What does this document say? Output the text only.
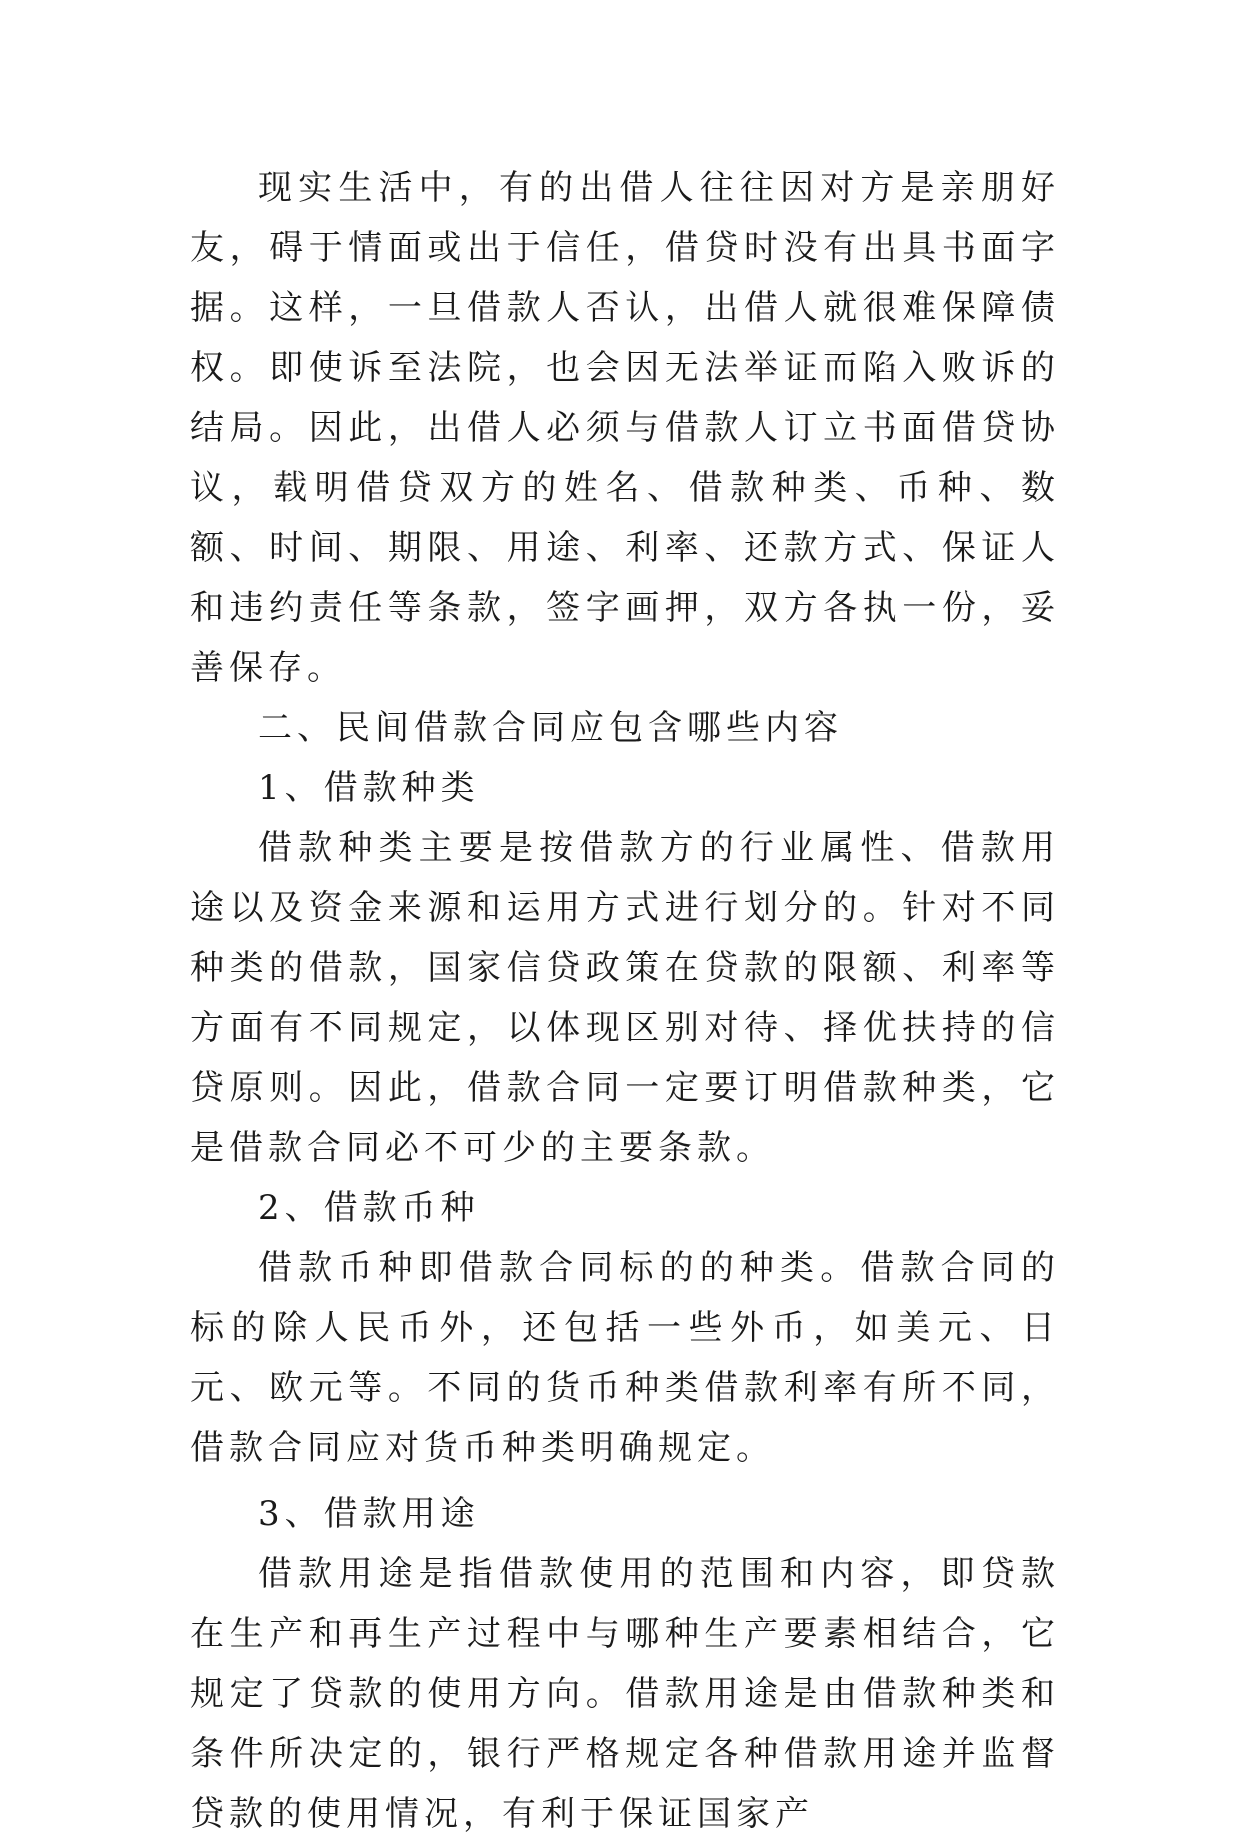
现实生活中，有的出借人往往因对方是亲朋好友，碍于情面或出于信任，借贷时没有出具书面字据。这样，一旦借款人否认，出借人就很难保障债权。即使诉至法院，也会因无法举证而陷入败诉的结局。因此，出借人必须与借款人订立书面借贷协议，载明借贷双方的姓名、借款种类、币种、数额、时间、期限、用途、利率、还款方式、保证人和违约责任等条款，签字画押，双方各执一份，妥善保存。

二、民间借款合同应包含哪些内容

1、借款种类

借款种类主要是按借款方的行业属性、借款用途以及资金来源和运用方式进行划分的。针对不同种类的借款，国家信贷政策在贷款的限额、利率等方面有不同规定，以体现区别对待、择优扶持的信贷原则。因此，借款合同一定要订明借款种类，它是借款合同必不可少的主要条款。

2、借款币种

借款币种即借款合同标的的种类。借款合同的标的除人民币外，还包括一些外币，如美元、日元、欧元等。不同的货币种类借款利率有所不同，借款合同应对货币种类明确规定。

3、借款用途

借款用途是指借款使用的范围和内容，即贷款在生产和再生产过程中与哪种生产要素相结合，它规定了贷款的使用方向。借款用途是由借款种类和条件所决定的，银行严格规定各种借款用途并监督贷款的使用情况，有利于保证国家产
